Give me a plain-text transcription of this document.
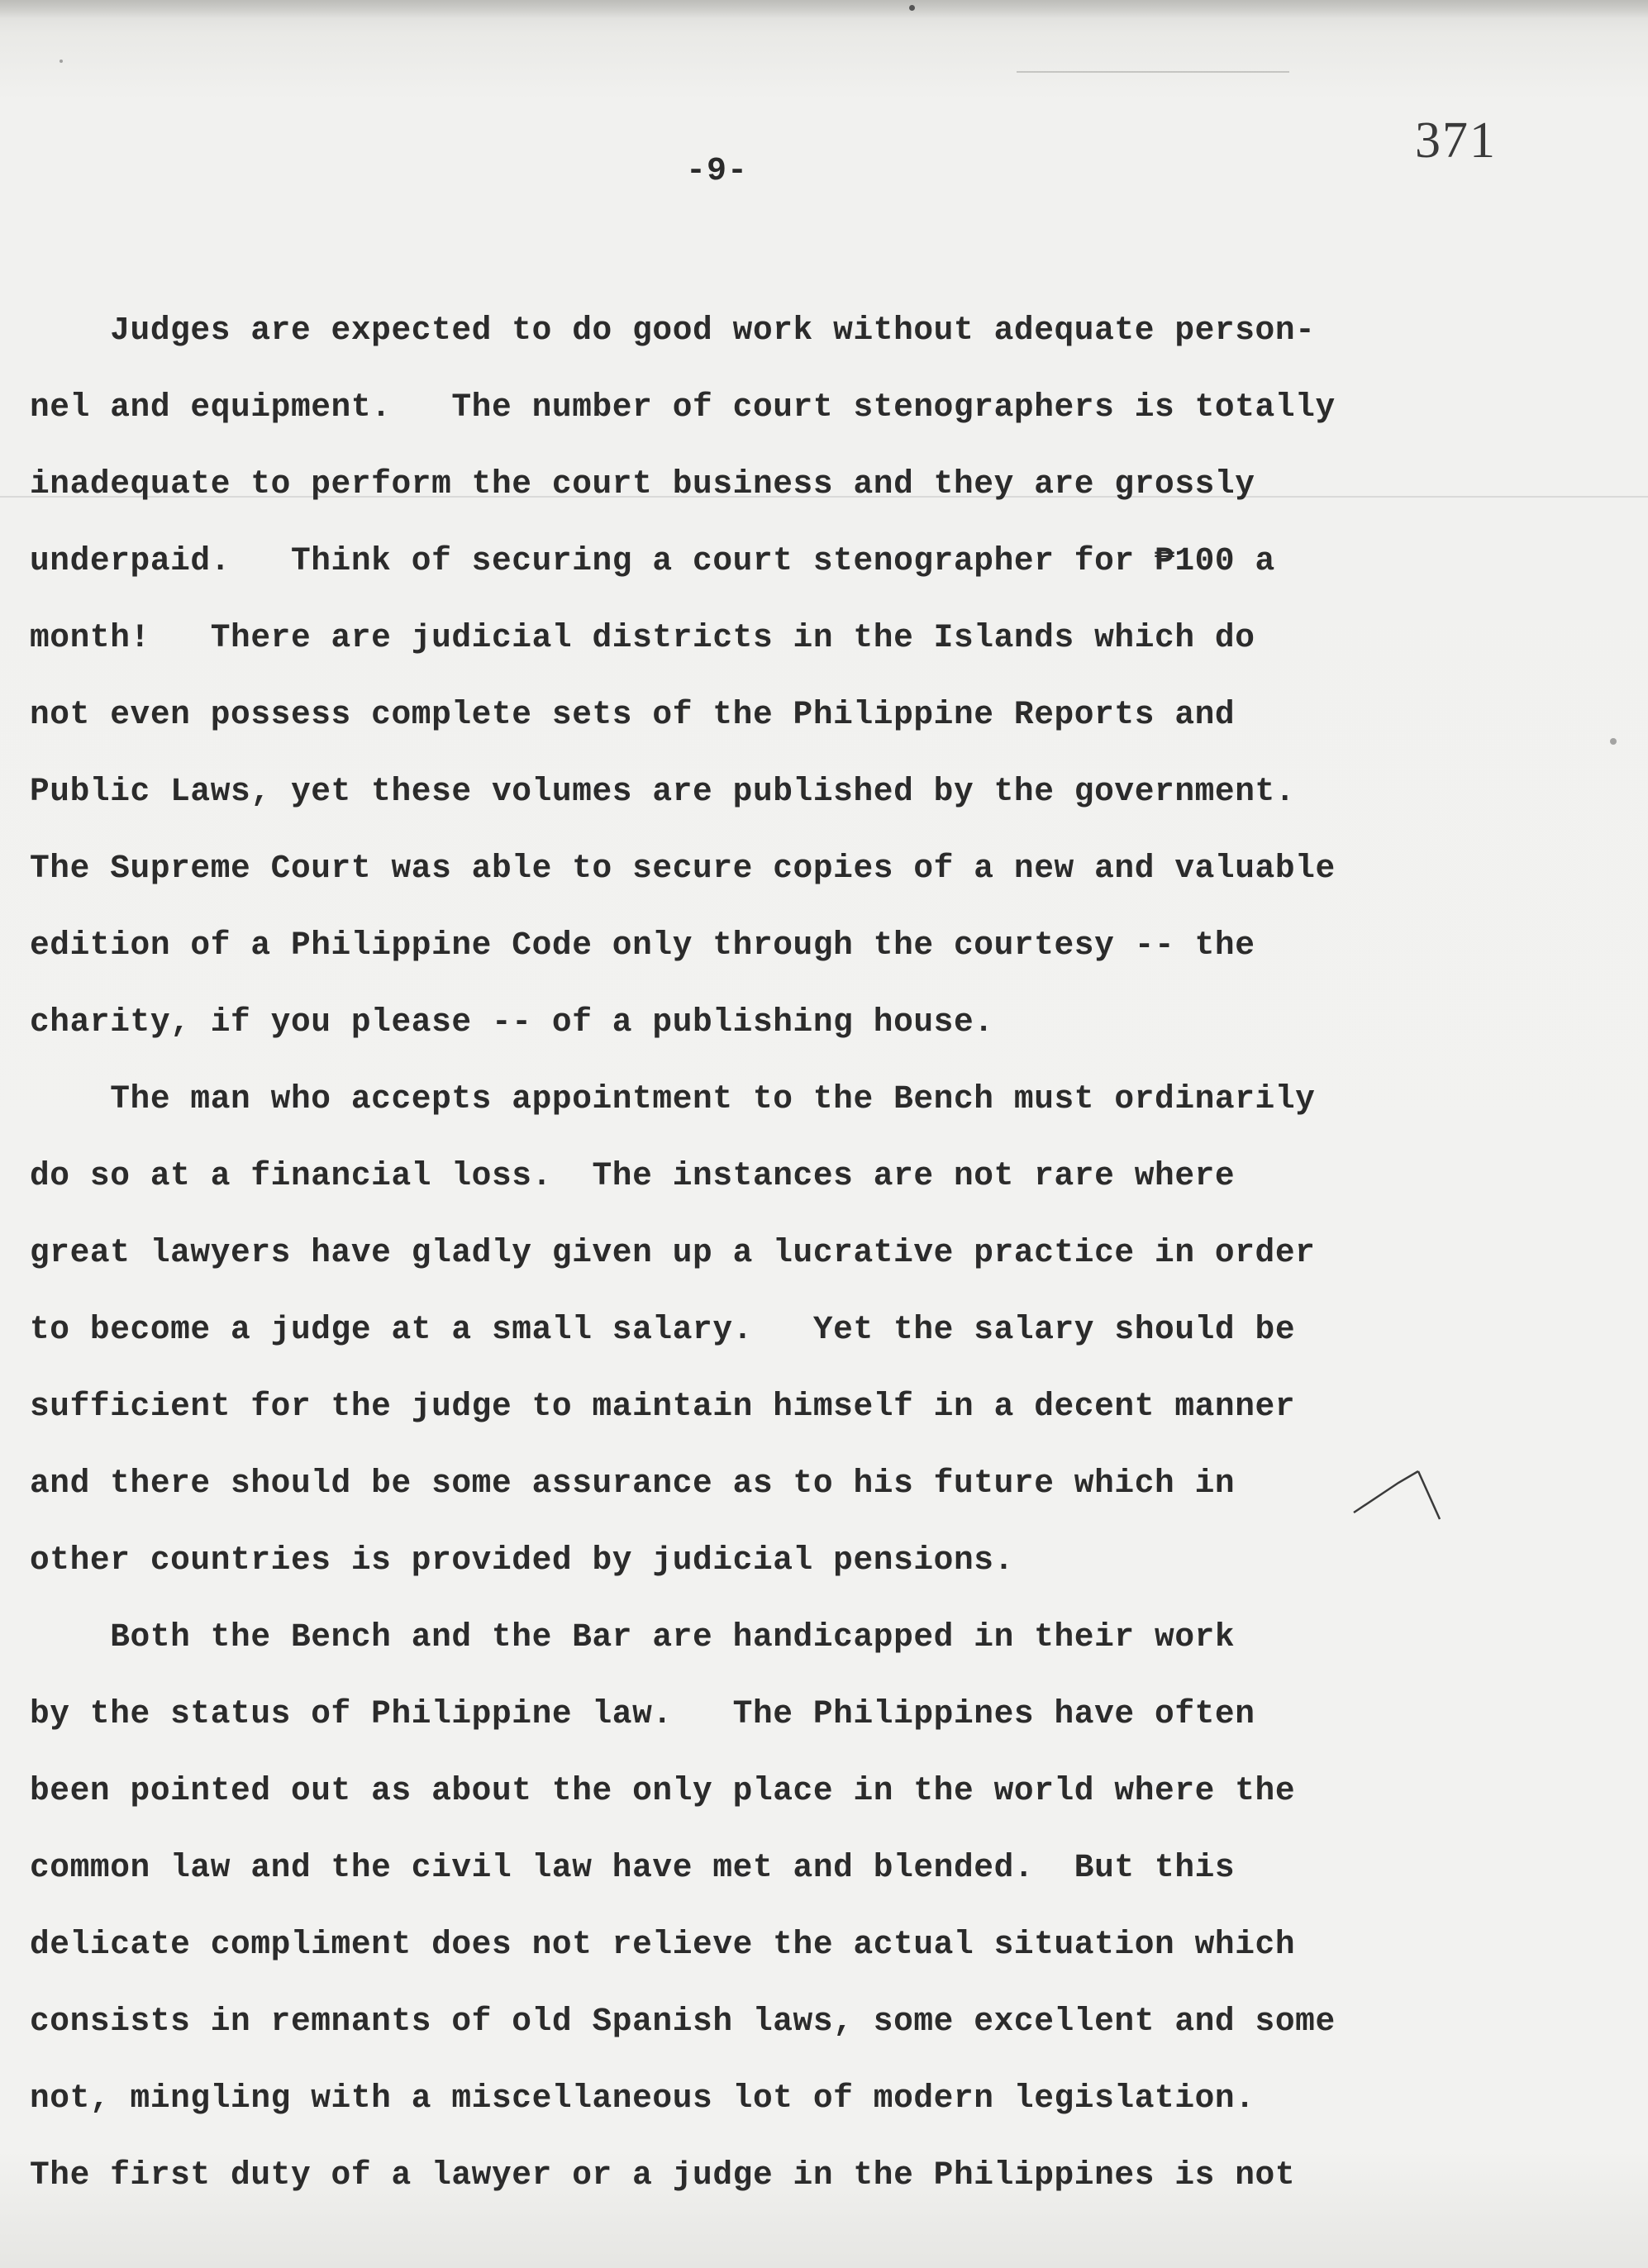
-9-
371
Judges are expected to do good work without adequate person-
nel and equipment.   The number of court stenographers is totally
inadequate to perform the court business and they are grossly
underpaid.   Think of securing a court stenographer for ₱100 a
month!   There are judicial districts in the Islands which do
not even possess complete sets of the Philippine Reports and
Public Laws, yet these volumes are published by the government.
The Supreme Court was able to secure copies of a new and valuable
edition of a Philippine Code only through the courtesy -- the
charity, if you please -- of a publishing house.
The man who accepts appointment to the Bench must ordinarily
do so at a financial loss.  The instances are not rare where
great lawyers have gladly given up a lucrative practice in order
to become a judge at a small salary.   Yet the salary should be
sufficient for the judge to maintain himself in a decent manner
and there should be some assurance as to his future which in
other countries is provided by judicial pensions.
Both the Bench and the Bar are handicapped in their work
by the status of Philippine law.   The Philippines have often
been pointed out as about the only place in the world where the
common law and the civil law have met and blended.  But this
delicate compliment does not relieve the actual situation which
consists in remnants of old Spanish laws, some excellent and some
not, mingling with a miscellaneous lot of modern legislation.
The first duty of a lawyer or a judge in the Philippines is not
